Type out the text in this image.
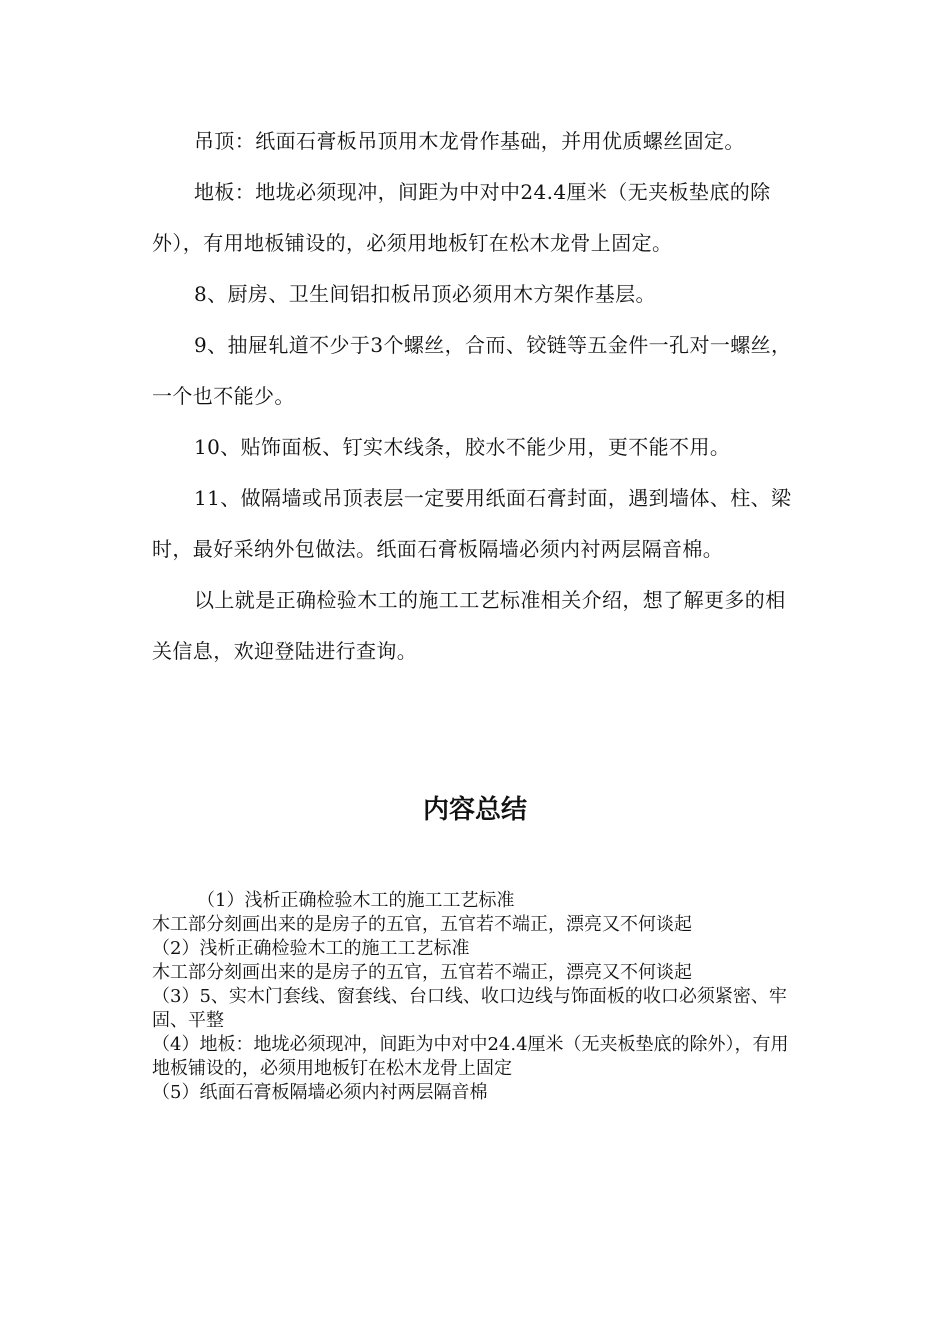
吊顶：纸面石膏板吊顶用木龙骨作基础，并用优质螺丝固定。

地板：地垅必须现冲，间距为中对中24.4厘米（无夹板垫底的除外），有用地板铺设的，必须用地板钉在松木龙骨上固定。

8、厨房、卫生间铝扣板吊顶必须用木方架作基层。

9、抽屉轧道不少于3个螺丝，合而、铰链等五金件一孔对一螺丝，一个也不能少。

10、贴饰面板、钉实木线条，胶水不能少用，更不能不用。

11、做隔墙或吊顶表层一定要用纸面石膏封面，遇到墙体、柱、梁时，最好采纳外包做法。纸面石膏板隔墙必须内衬两层隔音棉。

以上就是正确检验木工的施工工艺标准相关介绍，想了解更多的相关信息，欢迎登陆进行查询。

内容总结

（1）浅析正确检验木工的施工工艺标准

木工部分刻画出来的是房子的五官，五官若不端正，漂亮又不何谈起

（2）浅析正确检验木工的施工工艺标准

木工部分刻画出来的是房子的五官，五官若不端正，漂亮又不何谈起

（3）5、实木门套线、窗套线、台口线、收口边线与饰面板的收口必须紧密、牢固、平整

（4）地板：地垅必须现冲，间距为中对中24.4厘米（无夹板垫底的除外），有用地板铺设的，必须用地板钉在松木龙骨上固定

（5）纸面石膏板隔墙必须内衬两层隔音棉
